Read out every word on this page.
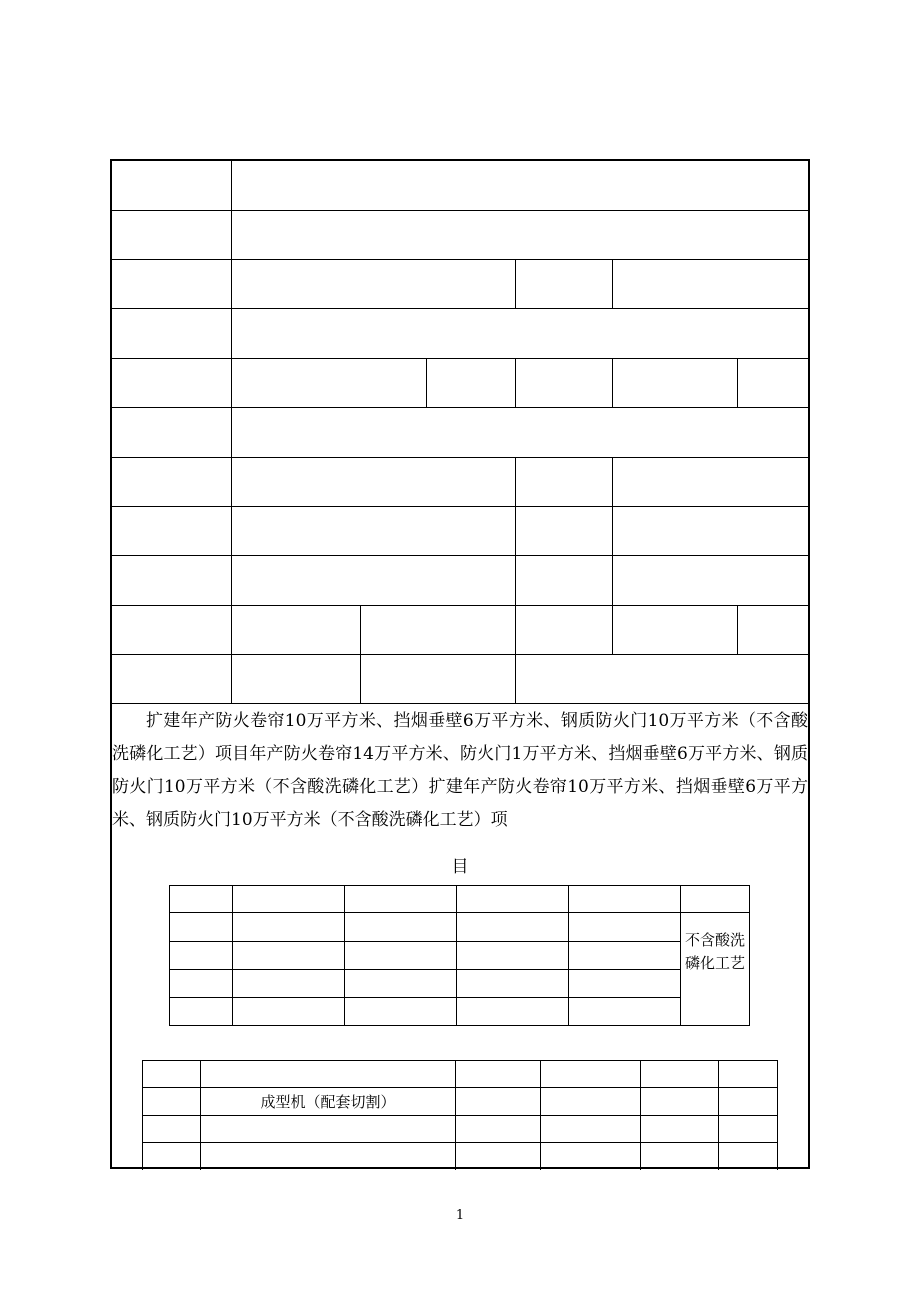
扩建年产防火卷帘10万平方米、挡烟垂壁6万平方米、钢质防火门10万平方米（不含酸洗磷化工艺）项目年产防火卷帘14万平方米、防火门1万平方米、挡烟垂壁6万平方米、钢质防火门10万平方米（不含酸洗磷化工艺）扩建年产防火卷帘10万平方米、挡烟垂壁6万平方米、钢质防火门10万平方米（不含酸洗磷化工艺）项
目
不含酸洗磷化工艺
成型机（配套切割）
1
